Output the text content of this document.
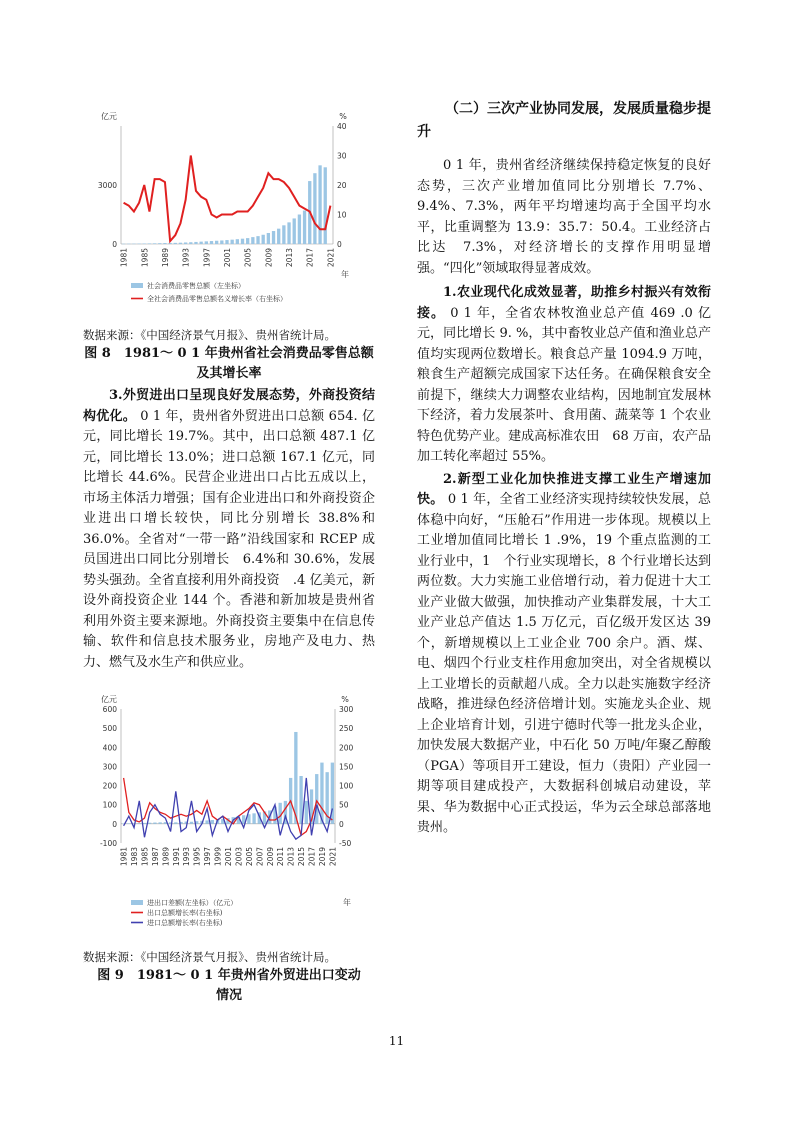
亿元	%
0
3000
0
10
20
30
40
1981 1985 1989 1993 1997 2001 2005 2009 2013 2017 2021
年
社会消费品零售总额（左坐标）
全社会消费品零售总额名义增长率（右坐标）
数据来源：《中国经济景气月报》、贵州省统计局。
图 8　1981～ 0 1 年贵州省社会消费品零售总额
及其增长率

3.外贸进出口呈现良好发展态势，外商投资结构优化。 0 1 年，贵州省外贸进出口总额 654. 亿元，同比增长 19.7%。其中，出口总额 487.1 亿元，同比增长 13.0%；进口总额 167.1 亿元，同比增长 44.6%。民营企业进出口占比五成以上，市场主体活力增强；国有企业进出口和外商投资企业进出口增长较快，同比分别增长 38.8%和 36.0%。全省对“一带一路”沿线国家和 RCEP 成员国进出口同比分别增长　6.4%和 30.6%，发展势头强劲。全省直接利用外商投资　.4 亿美元，新设外商投资企业 144 个。香港和新加坡是贵州省利用外资主要来源地。外商投资主要集中在信息传输、软件和信息技术服务业，房地产及电力、热力、燃气及水生产和供应业。

亿元	%
-100
0
100
200
300
400
500
600
-50
0
50
100
150
200
250
300
1981 1983 1985 1987 1989 1991 1993 1995 1997 1999 2001 2003 2005 2007 2009 2011 2013 2015 2017 2019 2021
年
进出口差额(左坐标）（亿元）
出口总额增长率(右坐标)
进口总额增长率(右坐标)
数据来源：《中国经济景气月报》、贵州省统计局。
图 9　1981～ 0 1 年贵州省外贸进出口变动
情况
（二）三次产业协同发展，发展质量稳步提升

0 1 年，贵州省经济继续保持稳定恢复的良好态势，三次产业增加值同比分别增长 7.7%、9.4%、7.3%，两年平均增速均高于全国平均水平，比重调整为 13.9：35.7：50.4。工业经济占比达　7.3%，对经济增长的支撑作用明显增强。“四化”领域取得显著成效。

1.农业现代化成效显著，助推乡村振兴有效衔接。 0 1 年，全省农林牧渔业总产值 469 .0 亿元，同比增长 9. %，其中畜牧业总产值和渔业总产值均实现两位数增长。粮食总产量 1094.9 万吨，粮食生产超额完成国家下达任务。在确保粮食安全前提下，继续大力调整农业结构，因地制宜发展林下经济，着力发展茶叶、食用菌、蔬菜等 1 个农业特色优势产业。建成高标准农田　68 万亩，农产品加工转化率超过 55%。

2.新型工业化加快推进支撑工业生产增速加快。 0 1 年，全省工业经济实现持续较快发展，总体稳中向好，“压舱石”作用进一步体现。规模以上工业增加值同比增长 1 .9%，19 个重点监测的工业行业中，1　个行业实现增长，8 个行业增长达到两位数。大力实施工业倍增行动，着力促进十大工业产业做大做强，加快推动产业集群发展，十大工业产业总产值达 1.5 万亿元，百亿级开发区达 39 个，新增规模以上工业企业 700 余户。酒、煤、电、烟四个行业支柱作用愈加突出，对全省规模以上工业增长的贡献超八成。全力以赴实施数字经济战略，推进绿色经济倍增计划。实施龙头企业、规上企业培育计划，引进宁德时代等一批龙头企业，加快发展大数据产业，中石化 50 万吨/年聚乙醇酸（PGA）等项目开工建设，恒力（贵阳）产业园一期等项目建成投产，大数据科创城启动建设，苹果、华为数据中心正式投运，华为云全球总部落地贵州。

11
